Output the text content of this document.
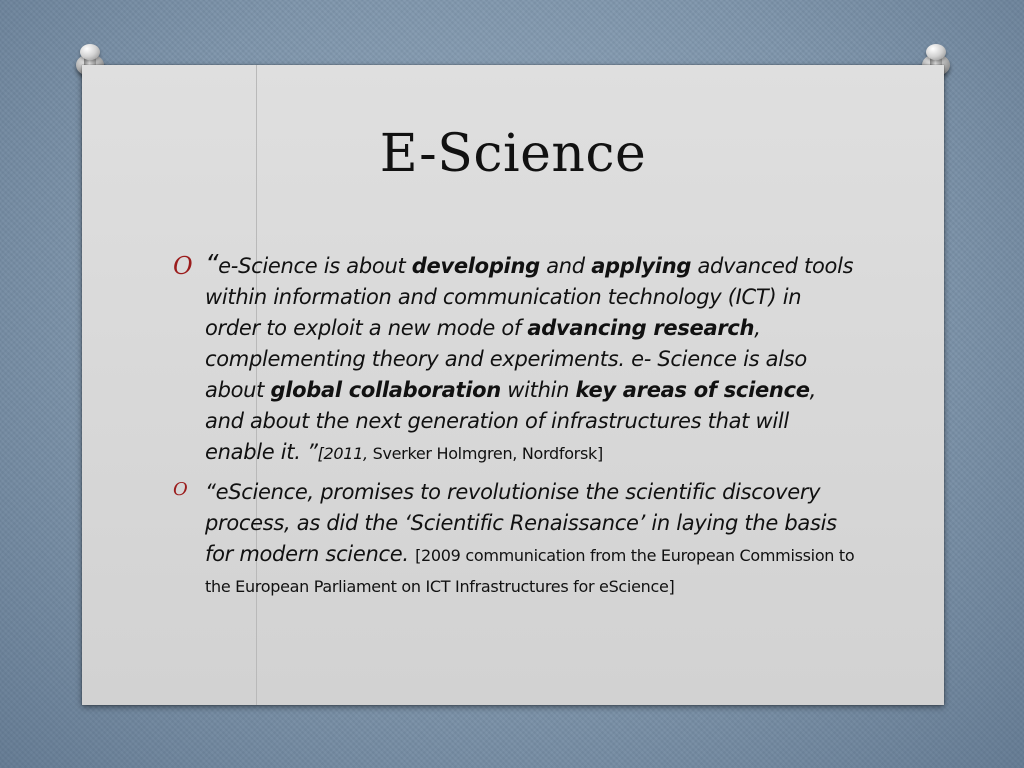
E-Science

O “e-Science is about developing and applying advanced tools within information and communication technology (ICT) in order to exploit a new mode of advancing research, complementing theory and experiments. e- Science is also about global collaboration within key areas of science, and about the next generation of infrastructures that will enable it. ”[2011, Sverker Holmgren, Nordforsk]

O “eScience, promises to revolutionise the scientific discovery process, as did the ‘Scientific Renaissance’ in laying the basis for modern science. [2009 communication from the European Commission to the European Parliament on ICT Infrastructures for eScience]
